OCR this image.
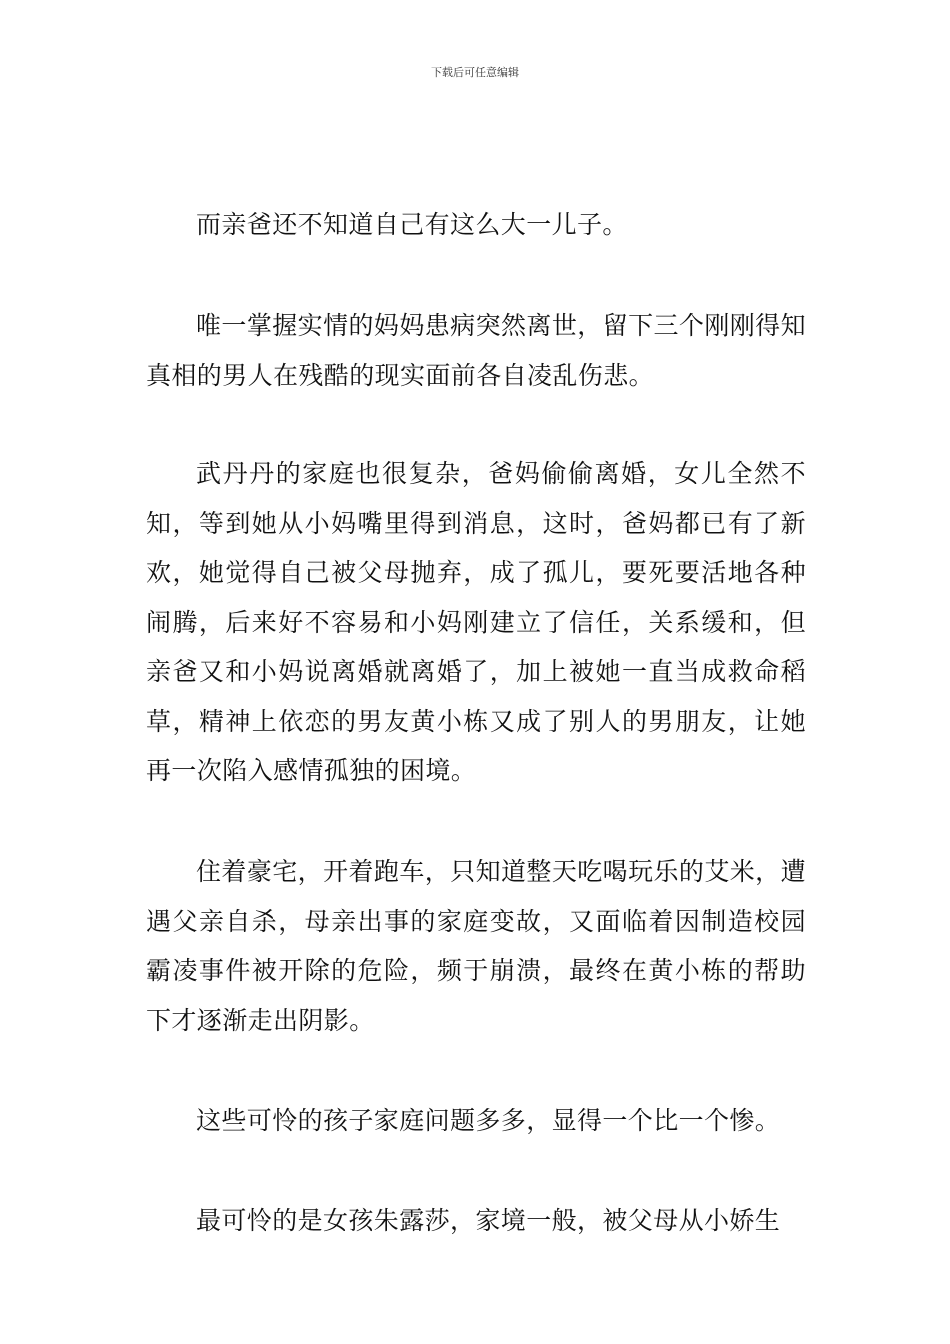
下载后可任意编辑

而亲爸还不知道自己有这么大一儿子。

唯一掌握实情的妈妈患病突然离世，留下三个刚刚得知真相的男人在残酷的现实面前各自凌乱伤悲。

武丹丹的家庭也很复杂，爸妈偷偷离婚，女儿全然不知，等到她从小妈嘴里得到消息，这时，爸妈都已有了新欢，她觉得自己被父母抛弃，成了孤儿，要死要活地各种闹腾，后来好不容易和小妈刚建立了信任，关系缓和，但亲爸又和小妈说离婚就离婚了，加上被她一直当成救命稻草，精神上依恋的男友黄小栋又成了别人的男朋友，让她再一次陷入感情孤独的困境。

住着豪宅，开着跑车，只知道整天吃喝玩乐的艾米，遭遇父亲自杀，母亲出事的家庭变故，又面临着因制造校园霸凌事件被开除的危险，频于崩溃，最终在黄小栋的帮助下才逐渐走出阴影。

这些可怜的孩子家庭问题多多，显得一个比一个惨。

最可怜的是女孩朱露莎，家境一般，被父母从小娇生
